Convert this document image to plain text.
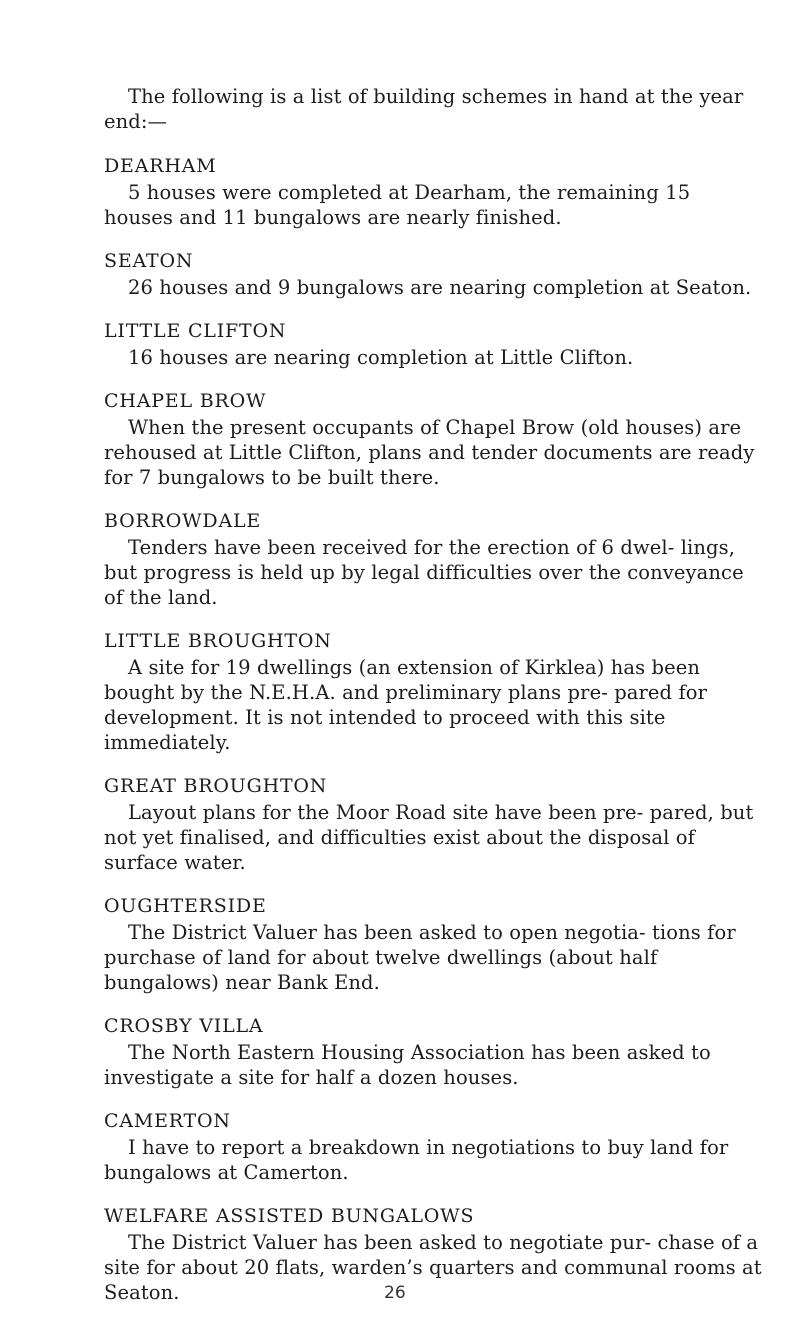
The following is a list of building schemes in hand at the year end:—

DEARHAM

5 houses were completed at Dearham, the remaining 15 houses and 11 bungalows are nearly finished.

SEATON

26 houses and 9 bungalows are nearing completion at Seaton.

LITTLE CLIFTON

16 houses are nearing completion at Little Clifton.

CHAPEL BROW

When the present occupants of Chapel Brow (old houses) are rehoused at Little Clifton, plans and tender documents are ready for 7 bungalows to be built there.

BORROWDALE

Tenders have been received for the erection of 6 dwel- lings, but progress is held up by legal difficulties over the conveyance of the land.

LITTLE BROUGHTON

A site for 19 dwellings (an extension of Kirklea) has been bought by the N.E.H.A. and preliminary plans pre- pared for development. It is not intended to proceed with this site immediately.

GREAT BROUGHTON

Layout plans for the Moor Road site have been pre- pared, but not yet finalised, and difficulties exist about the disposal of surface water.

OUGHTERSIDE

The District Valuer has been asked to open negotia- tions for purchase of land for about twelve dwellings (about half bungalows) near Bank End.

CROSBY VILLA

The North Eastern Housing Association has been asked to investigate a site for half a dozen houses.

CAMERTON

I have to report a breakdown in negotiations to buy land for bungalows at Camerton.

WELFARE ASSISTED BUNGALOWS

The District Valuer has been asked to negotiate pur- chase of a site for about 20 flats, warden’s quarters and communal rooms at Seaton.	26
